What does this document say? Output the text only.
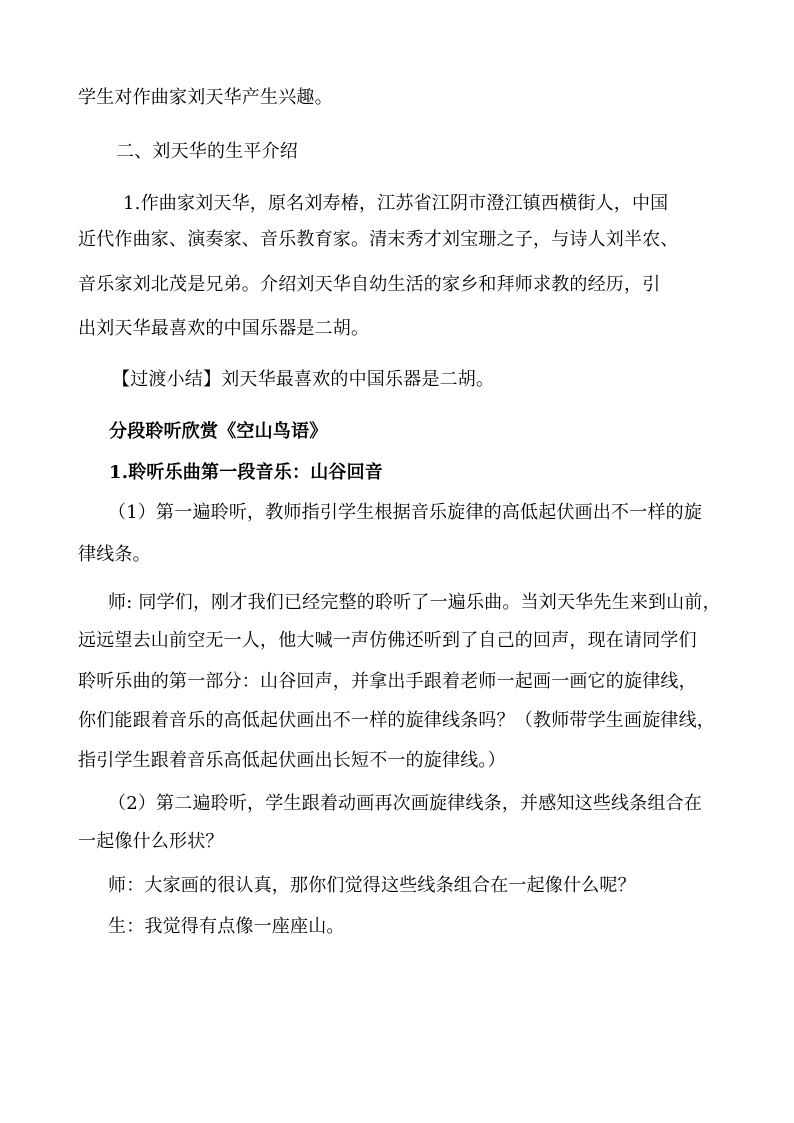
学生对作曲家刘天华产生兴趣。
二、刘天华的生平介绍
1.作曲家刘天华，原名刘寿椿，江苏省江阴市澄江镇西横街人，中国
近代作曲家、演奏家、音乐教育家。清末秀才刘宝珊之子，与诗人刘半农、
音乐家刘北茂是兄弟。介绍刘天华自幼生活的家乡和拜师求教的经历，引
出刘天华最喜欢的中国乐器是二胡。
【过渡小结】刘天华最喜欢的中国乐器是二胡。
分段聆听欣赏《空山鸟语》
1.聆听乐曲第一段音乐：山谷回音
（1）第一遍聆听，教师指引学生根据音乐旋律的高低起伏画出不一样的旋
律线条。
师: 同学们，刚才我们已经完整的聆听了一遍乐曲。当刘天华先生来到山前，
远远望去山前空无一人，他大喊一声仿佛还听到了自己的回声，现在请同学们
聆听乐曲的第一部分：山谷回声，并拿出手跟着老师一起画一画它的旋律线，
你们能跟着音乐的高低起伏画出不一样的旋律线条吗？（教师带学生画旋律线，
指引学生跟着音乐高低起伏画出长短不一的旋律线。）
（2）第二遍聆听，学生跟着动画再次画旋律线条，并感知这些线条组合在
一起像什么形状？
师：大家画的很认真，那你们觉得这些线条组合在一起像什么呢？
生：我觉得有点像一座座山。
